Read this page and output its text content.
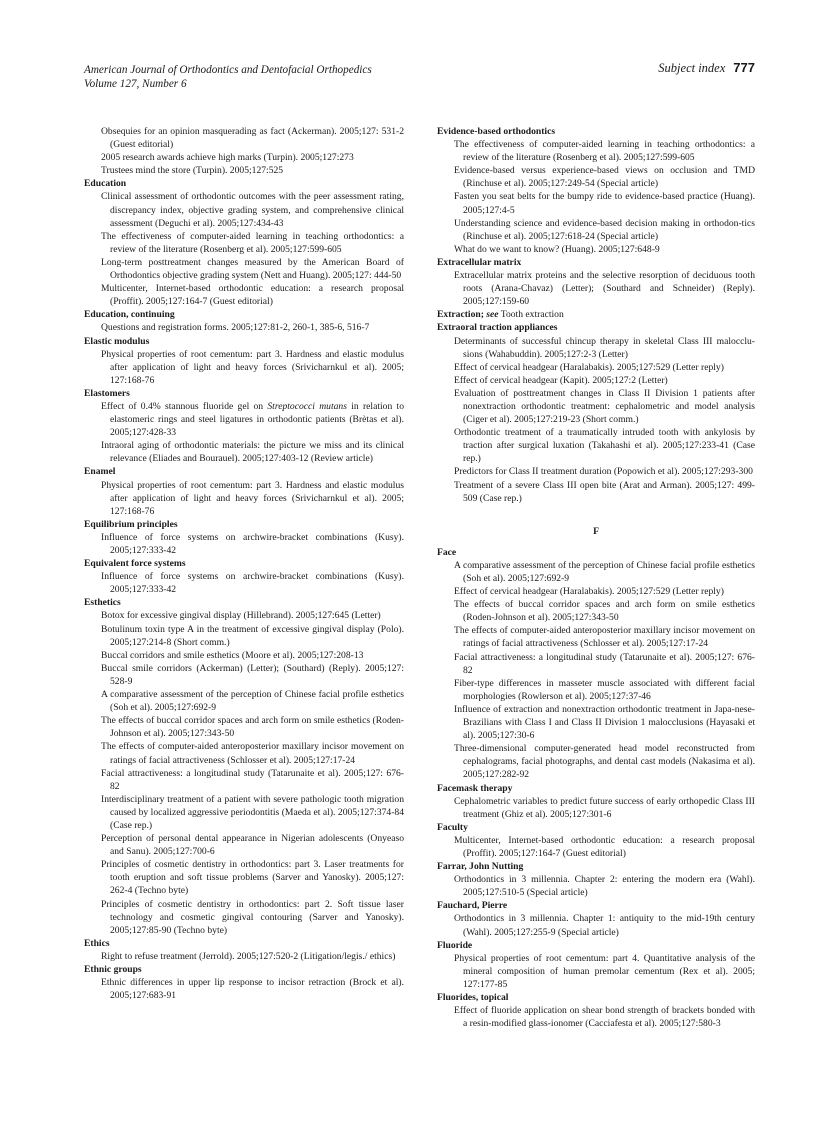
American Journal of Orthodontics and Dentofacial Orthopedics
Volume 127, Number 6
Subject index 777
Obsequies for an opinion masquerading as fact (Ackerman). 2005;127: 531-2 (Guest editorial)
2005 research awards achieve high marks (Turpin). 2005;127:273
Trustees mind the store (Turpin). 2005;127:525
Education
Clinical assessment of orthodontic outcomes with the peer assessment rating, discrepancy index, objective grading system, and comprehensive clinical assessment (Deguchi et al). 2005;127:434-43
The effectiveness of computer-aided learning in teaching orthodontics: a review of the literature (Rosenberg et al). 2005;127:599-605
Long-term posttreatment changes measured by the American Board of Orthodontics objective grading system (Nett and Huang). 2005;127: 444-50
Multicenter, Internet-based orthodontic education: a research proposal (Proffit). 2005;127:164-7 (Guest editorial)
Education, continuing
Questions and registration forms. 2005;127:81-2, 260-1, 385-6, 516-7
Elastic modulus
Physical properties of root cementum: part 3. Hardness and elastic modulus after application of light and heavy forces (Srivicharnkul et al). 2005; 127:168-76
Elastomers
Effect of 0.4% stannous fluoride gel on Streptococci mutans in relation to elastomeric rings and steel ligatures in orthodontic patients (Brètas et al). 2005;127:428-33
Intraoral aging of orthodontic materials: the picture we miss and its clinical relevance (Eliades and Bourauel). 2005;127:403-12 (Review article)
Enamel
Physical properties of root cementum: part 3. Hardness and elastic modulus after application of light and heavy forces (Srivicharnkul et al). 2005; 127:168-76
Equilibrium principles
Influence of force systems on archwire-bracket combinations (Kusy). 2005;127:333-42
Equivalent force systems
Influence of force systems on archwire-bracket combinations (Kusy). 2005;127:333-42
Esthetics
Botox for excessive gingival display (Hillebrand). 2005;127:645 (Letter)
Botulinum toxin type A in the treatment of excessive gingival display (Polo). 2005;127:214-8 (Short comm.)
Buccal corridors and smile esthetics (Moore et al). 2005;127:208-13
Buccal smile corridors (Ackerman) (Letter); (Southard) (Reply). 2005;127: 528-9
A comparative assessment of the perception of Chinese facial profile esthetics (Soh et al). 2005;127:692-9
The effects of buccal corridor spaces and arch form on smile esthetics (Roden-Johnson et al). 2005;127:343-50
The effects of computer-aided anteroposterior maxillary incisor movement on ratings of facial attractiveness (Schlosser et al). 2005;127:17-24
Facial attractiveness: a longitudinal study (Tatarunaite et al). 2005;127: 676-82
Interdisciplinary treatment of a patient with severe pathologic tooth migration caused by localized aggressive periodontitis (Maeda et al). 2005;127:374-84 (Case rep.)
Perception of personal dental appearance in Nigerian adolescents (Onyeaso and Sanu). 2005;127:700-6
Principles of cosmetic dentistry in orthodontics: part 3. Laser treatments for tooth eruption and soft tissue problems (Sarver and Yanosky). 2005;127: 262-4 (Techno byte)
Principles of cosmetic dentistry in orthodontics: part 2. Soft tissue laser technology and cosmetic gingival contouring (Sarver and Yanosky). 2005;127:85-90 (Techno byte)
Ethics
Right to refuse treatment (Jerrold). 2005;127:520-2 (Litigation/legis./ ethics)
Ethnic groups
Ethnic differences in upper lip response to incisor retraction (Brock et al). 2005;127:683-91
Evidence-based orthodontics
The effectiveness of computer-aided learning in teaching orthodontics: a review of the literature (Rosenberg et al). 2005;127:599-605
Evidence-based versus experience-based views on occlusion and TMD (Rinchuse et al). 2005;127:249-54 (Special article)
Fasten you seat belts for the bumpy ride to evidence-based practice (Huang). 2005;127:4-5
Understanding science and evidence-based decision making in orthodon-tics (Rinchuse et al). 2005;127:618-24 (Special article)
What do we want to know? (Huang). 2005;127:648-9
Extracellular matrix
Extracellular matrix proteins and the selective resorption of deciduous tooth roots (Arana-Chavaz) (Letter); (Southard and Schneider) (Reply). 2005;127:159-60
Extraction; see Tooth extraction
Extraoral traction appliances
Determinants of successful chincup therapy in skeletal Class III malocclu-sions (Wahabuddin). 2005;127:2-3 (Letter)
Effect of cervical headgear (Haralabakis). 2005;127:529 (Letter reply)
Effect of cervical headgear (Kapit). 2005;127:2 (Letter)
Evaluation of posttreatment changes in Class II Division 1 patients after nonextraction orthodontic treatment: cephalometric and model analysis (Ciger et al). 2005;127:219-23 (Short comm.)
Orthodontic treatment of a traumatically intruded tooth with ankylosis by traction after surgical luxation (Takahashi et al). 2005;127:233-41 (Case rep.)
Predictors for Class II treatment duration (Popowich et al). 2005;127:293-300
Treatment of a severe Class III open bite (Arat and Arman). 2005;127: 499-509 (Case rep.)
F
Face
A comparative assessment of the perception of Chinese facial profile esthetics (Soh et al). 2005;127:692-9
Effect of cervical headgear (Haralabakis). 2005;127:529 (Letter reply)
The effects of buccal corridor spaces and arch form on smile esthetics (Roden-Johnson et al). 2005;127:343-50
The effects of computer-aided anteroposterior maxillary incisor movement on ratings of facial attractiveness (Schlosser et al). 2005;127:17-24
Facial attractiveness: a longitudinal study (Tatarunaite et al). 2005;127: 676-82
Fiber-type differences in masseter muscle associated with different facial morphologies (Rowlerson et al). 2005;127:37-46
Influence of extraction and nonextraction orthodontic treatment in Japa-nese-Brazilians with Class I and Class II Division 1 malocclusions (Hayasaki et al). 2005;127:30-6
Three-dimensional computer-generated head model reconstructed from cephalograms, facial photographs, and dental cast models (Nakasima et al). 2005;127:282-92
Facemask therapy
Cephalometric variables to predict future success of early orthopedic Class III treatment (Ghiz et al). 2005;127:301-6
Faculty
Multicenter, Internet-based orthodontic education: a research proposal (Proffit). 2005;127:164-7 (Guest editorial)
Farrar, John Nutting
Orthodontics in 3 millennia. Chapter 2: entering the modern era (Wahl). 2005;127:510-5 (Special article)
Fauchard, Pierre
Orthodontics in 3 millennia. Chapter 1: antiquity to the mid-19th century (Wahl). 2005;127:255-9 (Special article)
Fluoride
Physical properties of root cementum: part 4. Quantitative analysis of the mineral composition of human premolar cementum (Rex et al). 2005; 127:177-85
Fluorides, topical
Effect of fluoride application on shear bond strength of brackets bonded with a resin-modified glass-ionomer (Cacciafesta et al). 2005;127:580-3
